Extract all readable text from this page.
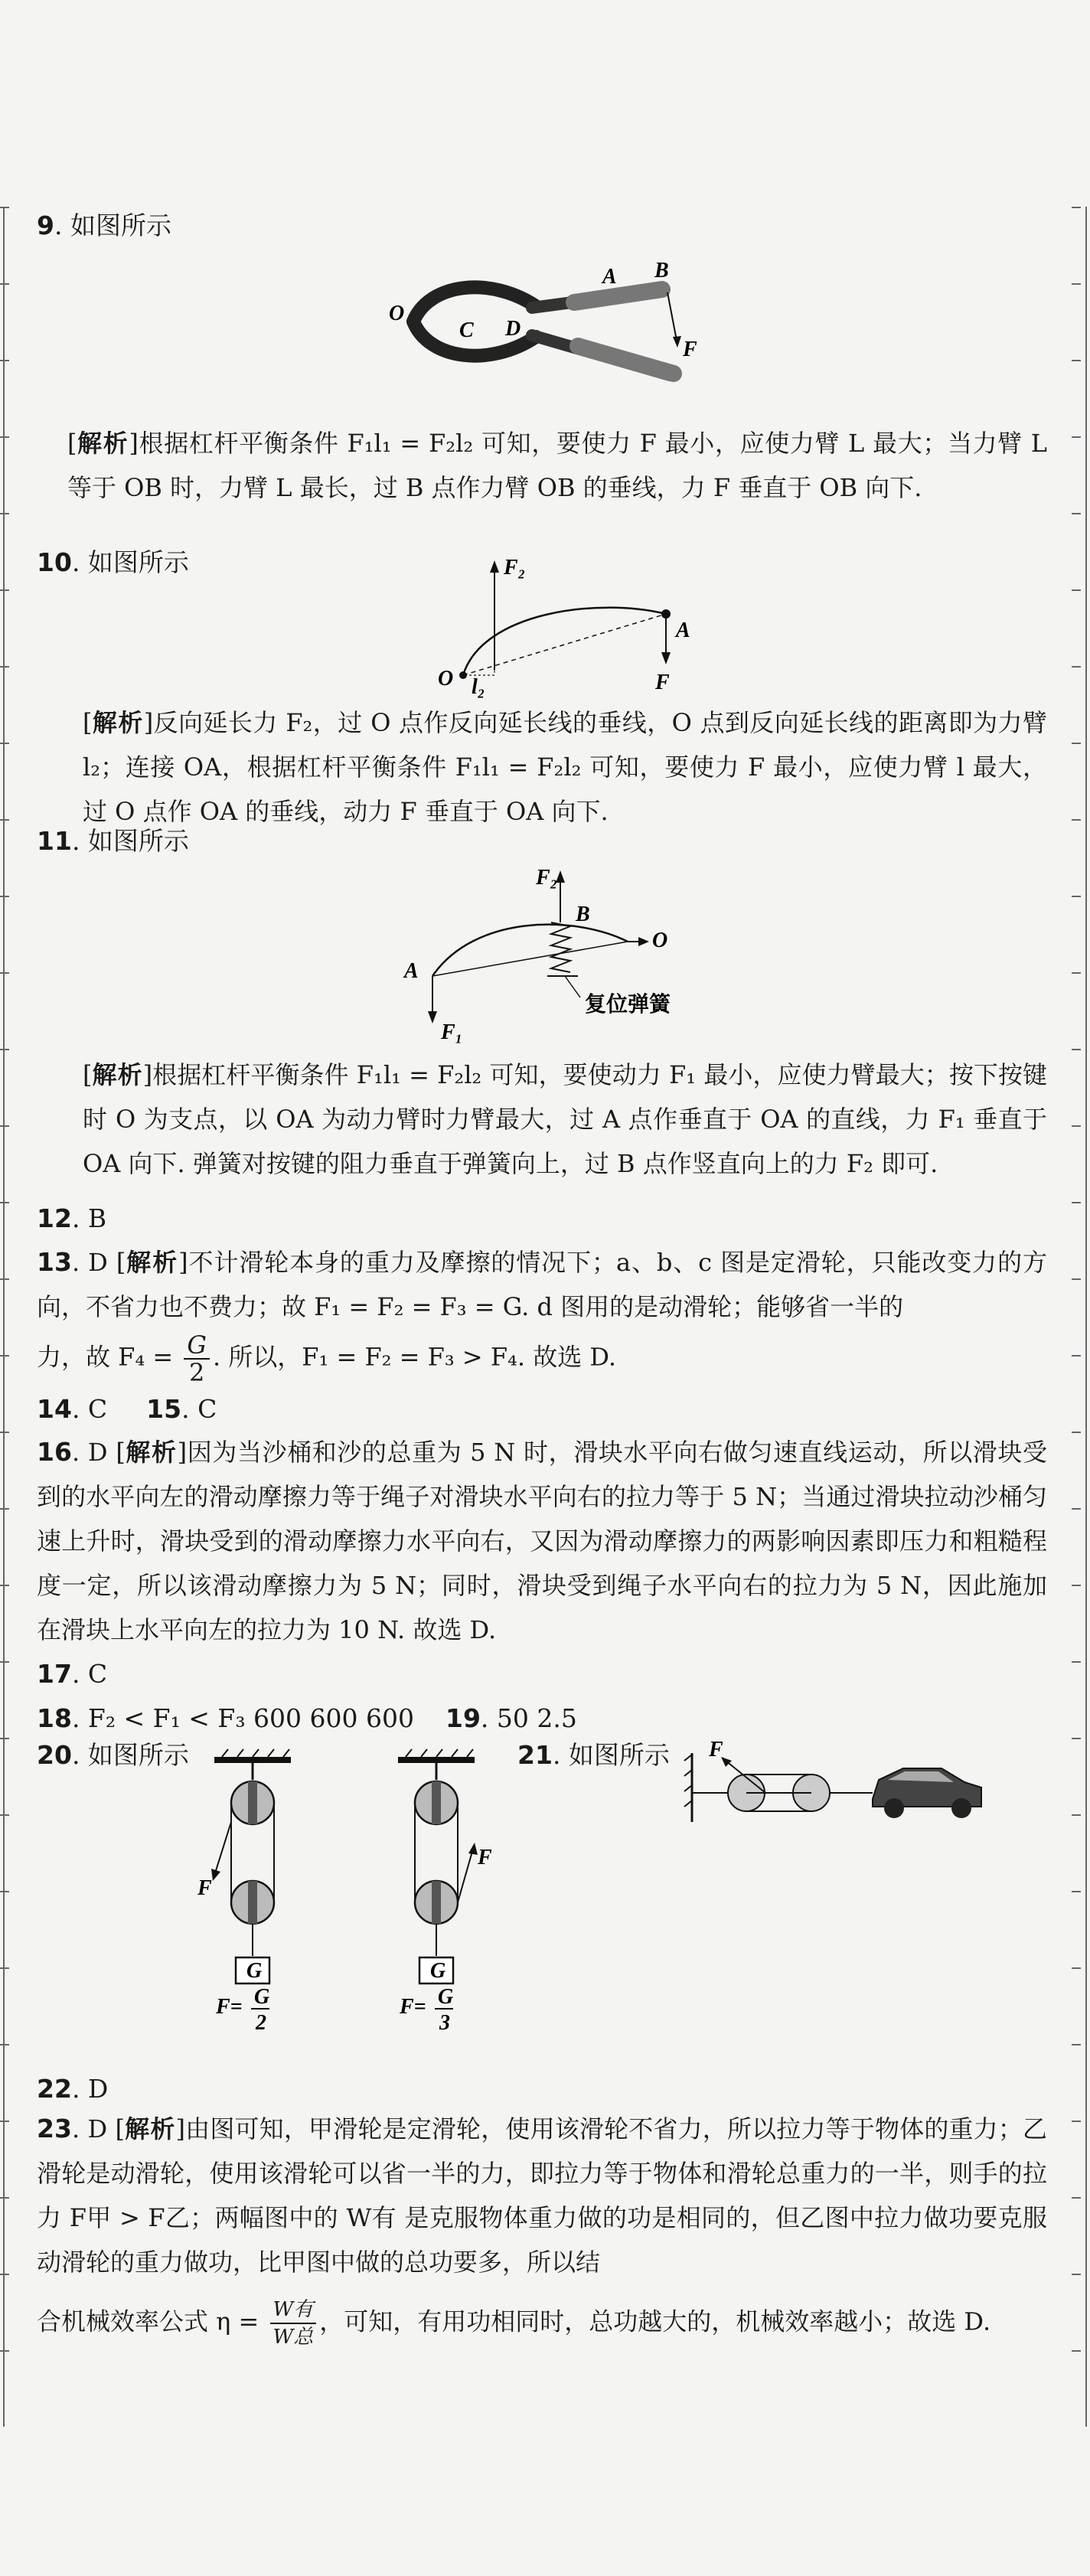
9. 如图所示
O
C D
A B
F
[解析]根据杠杆平衡条件 F₁l₁ = F₂l₂ 可知，要使力 F 最小，应使力臂 L 最大；当力臂 L 等于 OB 时，力臂 L 最长，过 B 点作力臂 OB 的垂线，力 F 垂直于 OB 向下.
10. 如图所示	F₂
O l₂
A
F
[解析]反向延长力 F₂，过 O 点作反向延长线的垂线，O 点到反向延长线的距离即为力臂 l₂；连接 OA，根据杠杆平衡条件 F₁l₁ = F₂l₂ 可知，要使力 F 最小，应使力臂 l 最大，过 O 点作 OA 的垂线，动力 F 垂直于 OA 向下.
11. 如图所示
F₂
B
O
A
F₁
复位弹簧
[解析]根据杠杆平衡条件 F₁l₁ = F₂l₂ 可知，要使动力 F₁ 最小，应使力臂最大；按下按键时 O 为支点，以 OA 为动力臂时力臂最大，过 A 点作垂直于 OA 的直线，力 F₁ 垂直于 OA 向下. 弹簧对按键的阻力垂直于弹簧向上，过 B 点作竖直向上的力 F₂ 即可.
12. B
13. D [解析]不计滑轮本身的重力及摩擦的情况下；a、b、c 图是定滑轮，只能改变力的方向，不省力也不费力；故 F₁ = F₂ = F₃ = G. d 图用的是动滑轮；能够省一半的
力，故 $F_4 = \frac{G}{2}$ . 所以，F₁ = F₂ = F₃ > F₄. 故选 D.
14. C 15. C
16. D [解析]因为当沙桶和沙的总重为 5 N 时，滑块水平向右做匀速直线运动，所以滑块受到的水平向左的滑动摩擦力等于绳子对滑块水平向右的拉力等于 5 N；当通过滑块拉动沙桶匀速上升时，滑块受到的滑动摩擦力水平向右，又因为滑动摩擦力的两影响因素即压力和粗糙程度一定，所以该滑动摩擦力为 5 N；同时，滑块受到绳子水平向右的拉力为 5 N，因此施加在滑块上水平向左的拉力为 10 N. 故选 D.
17. C
18. F₂ < F₁ < F₃ 600 600 600 19. 50 2.5
20. 如图所示
G
F
F= G
2
G
F
F= G
3
21. 如图所示 F
22. D
23. D [解析]由图可知，甲滑轮是定滑轮，使用该滑轮不省力，所以拉力等于物体的重力；乙滑轮是动滑轮，使用该滑轮可以省一半的力，即拉力等于物体和滑轮总重力的一半，则手的拉力 F甲 > F乙；两幅图中的 W有 是克服物体重力做的功是相同的，但乙图中拉力做功要克服动滑轮的重力做功，比甲图中做的总功要多，所以结
合机械效率公式 η = W有
W总
，可知，有用功相同时，总功越大的，机械效率越小；故选 D.
